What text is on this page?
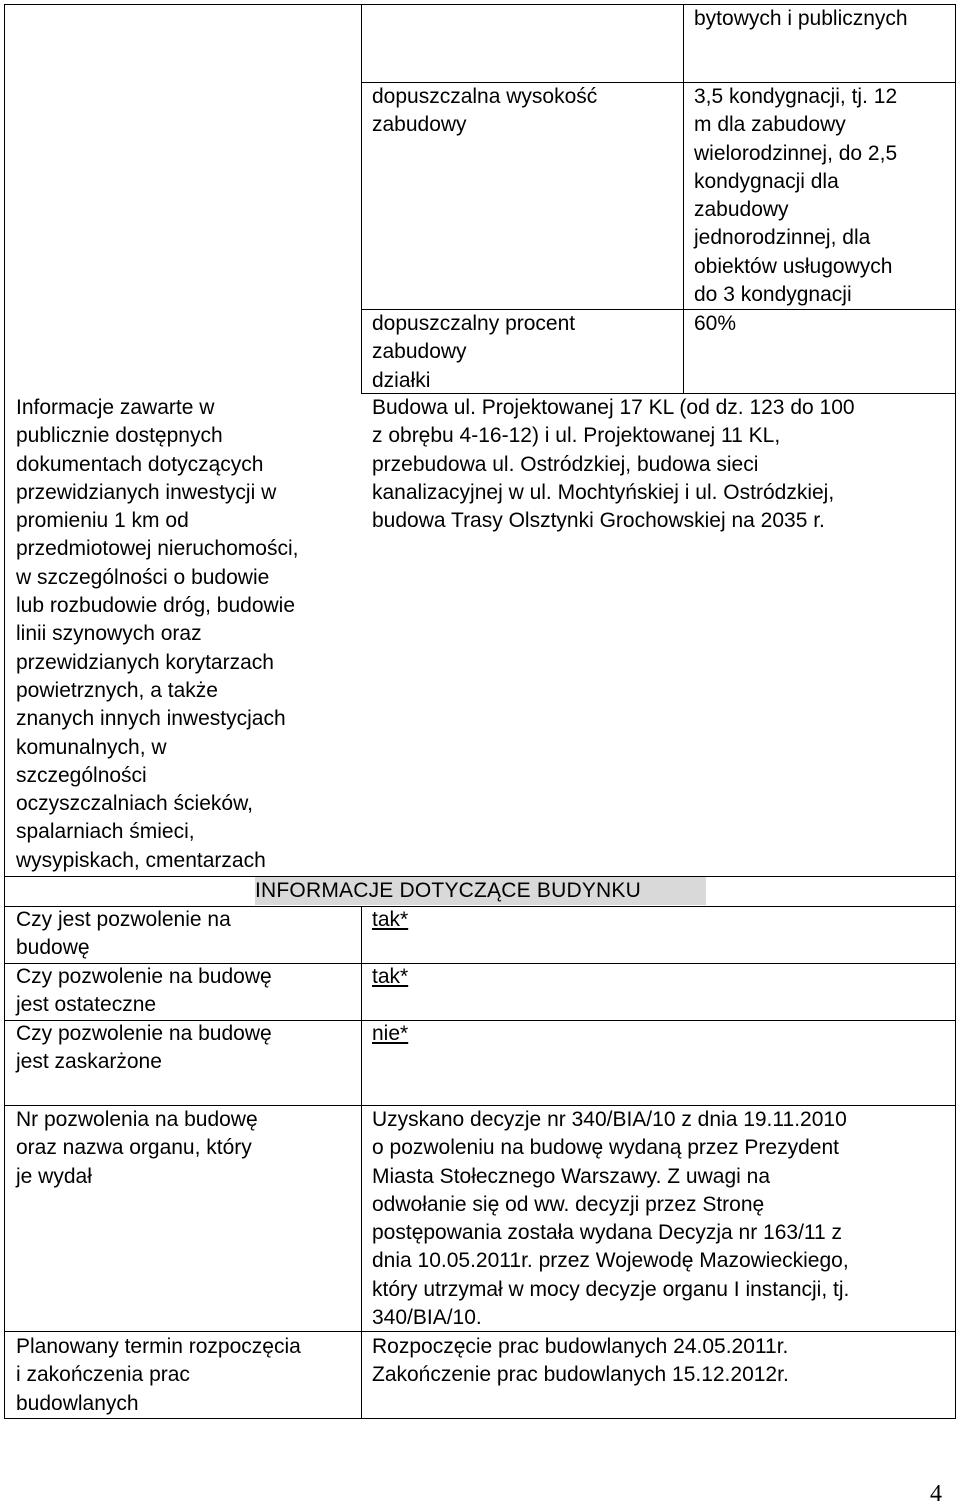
bytowych i publicznych
dopuszczalna wysokość
zabudowy
3,5 kondygnacji, tj. 12
m dla zabudowy
wielorodzinnej, do 2,5
kondygnacji dla
zabudowy
jednorodzinnej, dla
obiektów usługowych
do 3 kondygnacji
dopuszczalny procent
zabudowy
działki
60%
Informacje zawarte w
publicznie dostępnych
dokumentach dotyczących
przewidzianych inwestycji w
promieniu 1 km od
przedmiotowej nieruchomości,
w szczególności o budowie
lub rozbudowie dróg, budowie
linii szynowych oraz
przewidzianych korytarzach
powietrznych, a także
znanych innych inwestycjach
komunalnych, w
szczególności
oczyszczalniach ścieków,
spalarniach śmieci,
wysypiskach, cmentarzach
Budowa ul. Projektowanej 17 KL (od dz. 123 do 100
z obrębu 4-16-12) i ul. Projektowanej 11 KL,
przebudowa ul. Ostródzkiej, budowa sieci
kanalizacyjnej w ul. Mochtyńskiej i ul. Ostródzkiej,
budowa Trasy Olsztynki Grochowskiej na 2035 r.
INFORMACJE DOTYCZĄCE BUDYNKU
Czy jest pozwolenie na
budowę
tak*
Czy pozwolenie na budowę
jest ostateczne
tak*
Czy pozwolenie na budowę
jest zaskarżone
nie*
Nr pozwolenia na budowę
oraz nazwa organu, który
je wydał
Uzyskano decyzje nr 340/BIA/10 z dnia 19.11.2010
o pozwoleniu na budowę wydaną przez Prezydent
Miasta Stołecznego Warszawy. Z uwagi na
odwołanie się od ww. decyzji przez Stronę
postępowania została wydana Decyzja nr 163/11 z
dnia 10.05.2011r. przez Wojewodę Mazowieckiego,
który utrzymał w mocy decyzje organu I instancji, tj.
340/BIA/10.
Planowany termin rozpoczęcia
i zakończenia prac
budowlanych
Rozpoczęcie prac budowlanych 24.05.2011r.
Zakończenie prac budowlanych 15.12.2012r.
4
